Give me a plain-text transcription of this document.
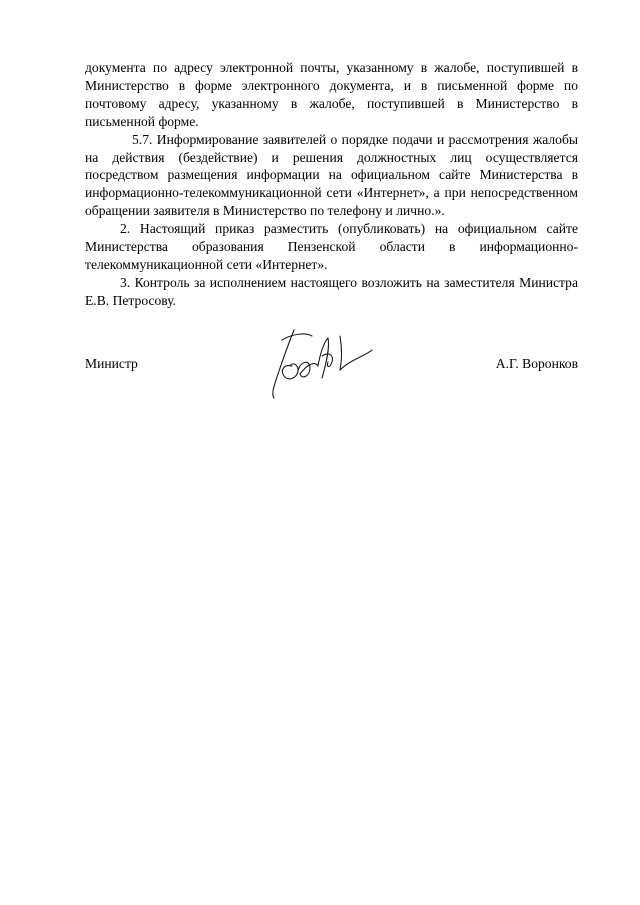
документа по адресу электронной почты, указанному в жалобе, поступившей в Министерство в форме электронного документа, и в письменной форме по почтовому адресу, указанному в жалобе, поступившей в Министерство в письменной форме.

5.7. Информирование заявителей о порядке подачи и рассмотрения жалобы на действия (бездействие) и решения должностных лиц осуществляется посредством размещения информации на официальном сайте Министерства в информационно-телекоммуникационной сети «Интернет», а при непосредственном обращении заявителя в Министерство по телефону и лично.».

2. Настоящий приказ разместить (опубликовать) на официальном сайте Министерства образования Пензенской области в информационно-телекоммуникационной сети «Интернет».

3. Контроль за исполнением настоящего возложить на заместителя Министра Е.В. Петросову.

Министр	А.Г. Воронков
